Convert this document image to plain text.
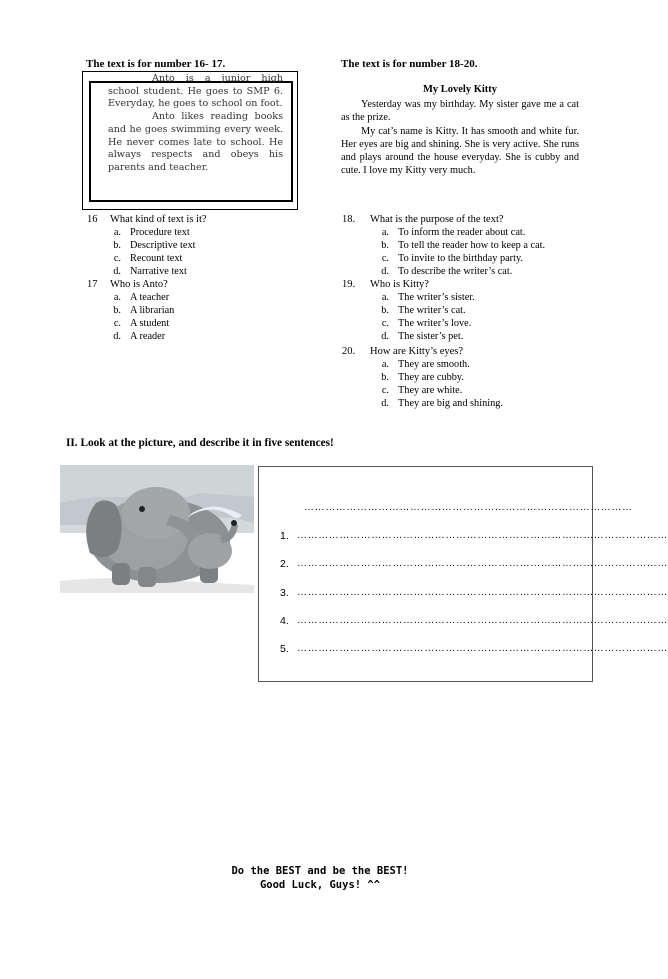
The text is for number 16- 17.

Anto is a junior high school student. He goes to SMP 6. Everyday, he goes to school on foot.

Anto likes reading books and he goes swimming every week. He never comes late to school. He always respects and obeys his parents and teacher.

The text is for number 18-20.
My Lovely Kitty

Yesterday was my birthday. My sister gave me a cat as the prize.

My cat’s name is Kitty. It has smooth and white fur. Her eyes are big and shining. She is very active. She runs and plays around the house everyday. She is cubby and cute. I love my Kitty very much.

16 What kind of text is it?
a. Procedure text
b. Descriptive text
c. Recount text
d. Narrative text
17 Who is Anto?
a. A teacher
b. A librarian
c. A student
d. A reader
18. What is the purpose of the text?
a. To inform the reader about cat.
b. To tell the reader how to keep a cat.
c. To invite to the birthday party.
d. To describe the writer’s cat.
19. Who is Kitty?
a. The writer’s sister.
b. The writer’s cat.
c. The writer’s love.
d. The sister’s pet.
20. How are Kitty’s eyes?
a. They are smooth.
b. They are cubby.
c. They are white.
d. They are big and shining.
II. Look at the picture, and describe it in five sentences!
…………………………………………………………………………………
1. ……………………………………………………………………………………………
2. ……………………………………………………………………………………………
3. ……………………………………………………………………………………………
4. ……………………………………………………………………………………………
5. ……………………………………………………………………………………………
Do the BEST and be the BEST!
Good Luck, Guys! ^^
